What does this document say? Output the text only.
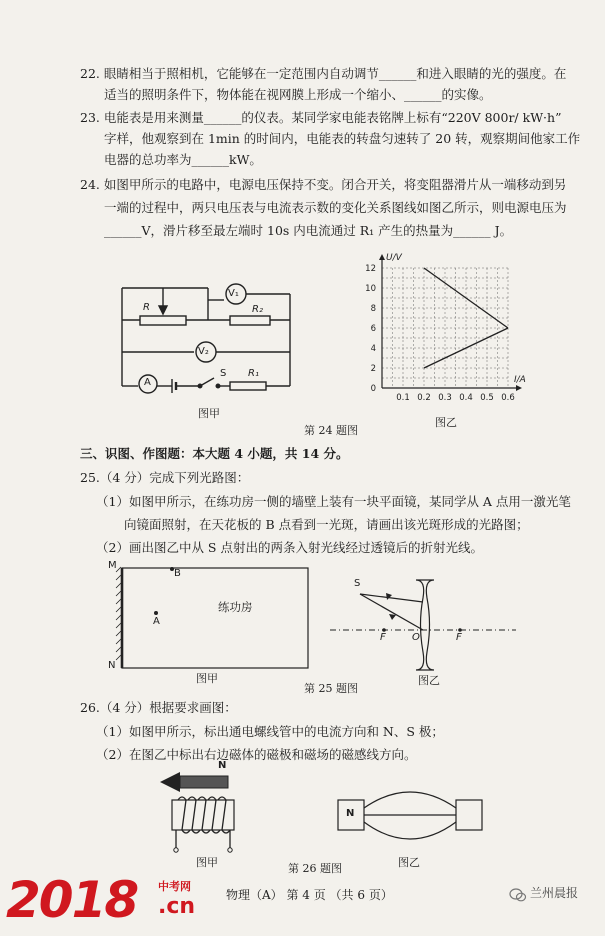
22. 眼睛相当于照相机，它能够在一定范围内自动调节______和进入眼睛的光的强度。在
适当的照明条件下，物体能在视网膜上形成一个缩小、______的实像。
23. 电能表是用来测量______的仪表。某同学家电能表铭牌上标有“220V 800r/ kW·h”
字样，他观察到在 1min 的时间内，电能表的转盘匀速转了 20 转，观察期间他家工作
电器的总功率为______kW。
24. 如图甲所示的电路中，电源电压保持不变。闭合开关，将变阻器滑片从一端移动到另
一端的过程中，两只电压表与电流表示数的变化关系图线如图乙所示，则电源电压为
______V，滑片移至最左端时 10s 内电流通过 R₁ 产生的热量为______ J。
R	R₂
V₁
V₂
A
S R₁
图甲
0.1 0.2 0.3 0.4 0.5 0.6
0
2
4
6
8
10
12
I/A
U/V
图乙
第 24 题图
三、识图、作图题：本大题 4 小题，共 14 分。
25.（4 分）完成下列光路图：
（1）如图甲所示，在练功房一侧的墙壁上装有一块平面镜，某同学从 A 点用一激光笔
向镜面照射，在天花板的 B 点看到一光斑，请画出该光斑形成的光路图；
（2）画出图乙中从 S 点射出的两条入射光线经过透镜后的折射光线。
M
N
B
A
练功房
图甲
第 25 题图
S
F	O	F
图乙
26.（4 分）根据要求画图：
（1）如图甲所示，标出通电螺线管中的电流方向和 N、S 极；
（2）在图乙中标出右边磁体的磁极和磁场的磁感线方向。
N
图甲	第 26 题图
N
图乙
物理（A） 第 4 页 （共 6 页）
2018 中考网
.cn
兰州晨报
